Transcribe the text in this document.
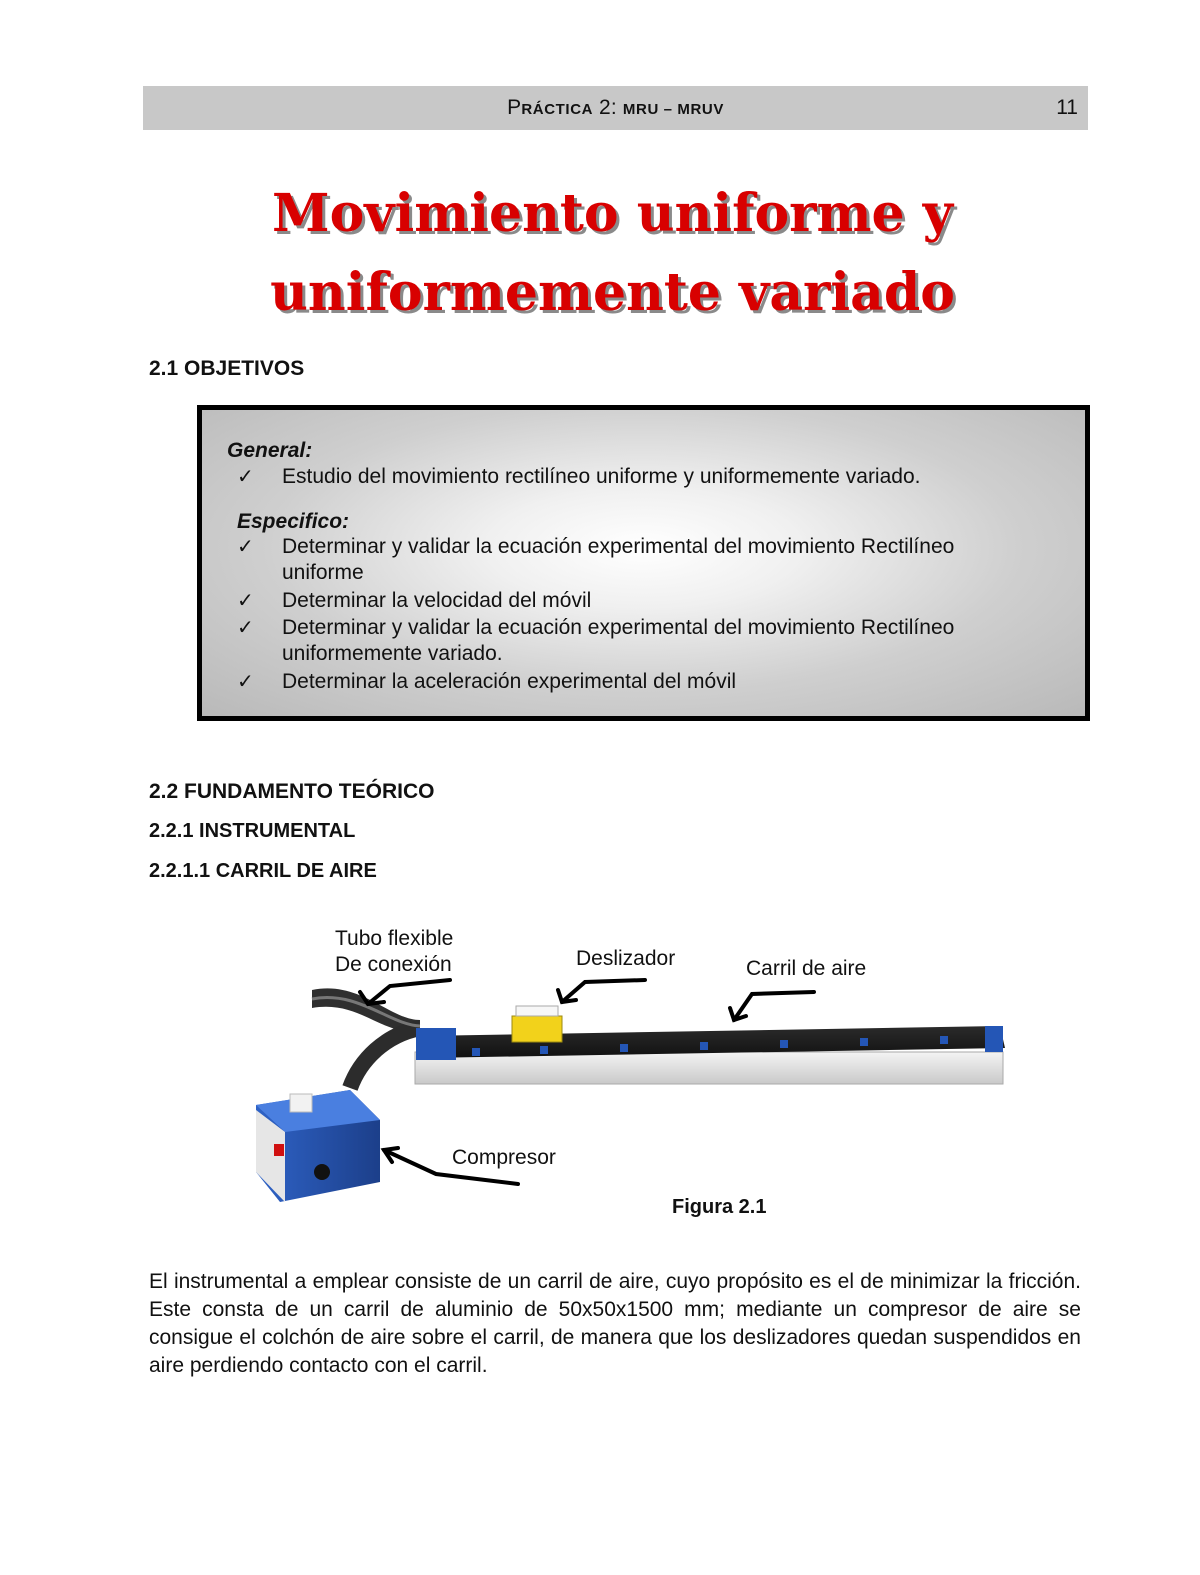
PRÁCTICA 2: MRU – MRUV	11
Movimiento uniforme y
uniformemente variado
2.1 OBJETIVOS
General:
✓ Estudio del movimiento rectilíneo uniforme y uniformemente variado.
Especifico:
✓ Determinar y validar la ecuación experimental del movimiento Rectilíneo uniforme
✓ Determinar la velocidad del móvil
✓ Determinar y validar la ecuación experimental del movimiento Rectilíneo uniformemente variado.
✓ Determinar la aceleración experimental del móvil
2.2 FUNDAMENTO TEÓRICO
2.2.1 INSTRUMENTAL
2.2.1.1 CARRIL DE AIRE
Tubo flexible
De conexión	Deslizador	Carril de aire
Compresor
Figura 2.1
El instrumental a emplear consiste de un carril de aire, cuyo propósito es el de minimizar la fricción. Este consta de un carril de aluminio de 50x50x1500 mm; mediante un compresor de aire se consigue el colchón de aire sobre el carril, de manera que los deslizadores quedan suspendidos en aire perdiendo contacto con el carril.
